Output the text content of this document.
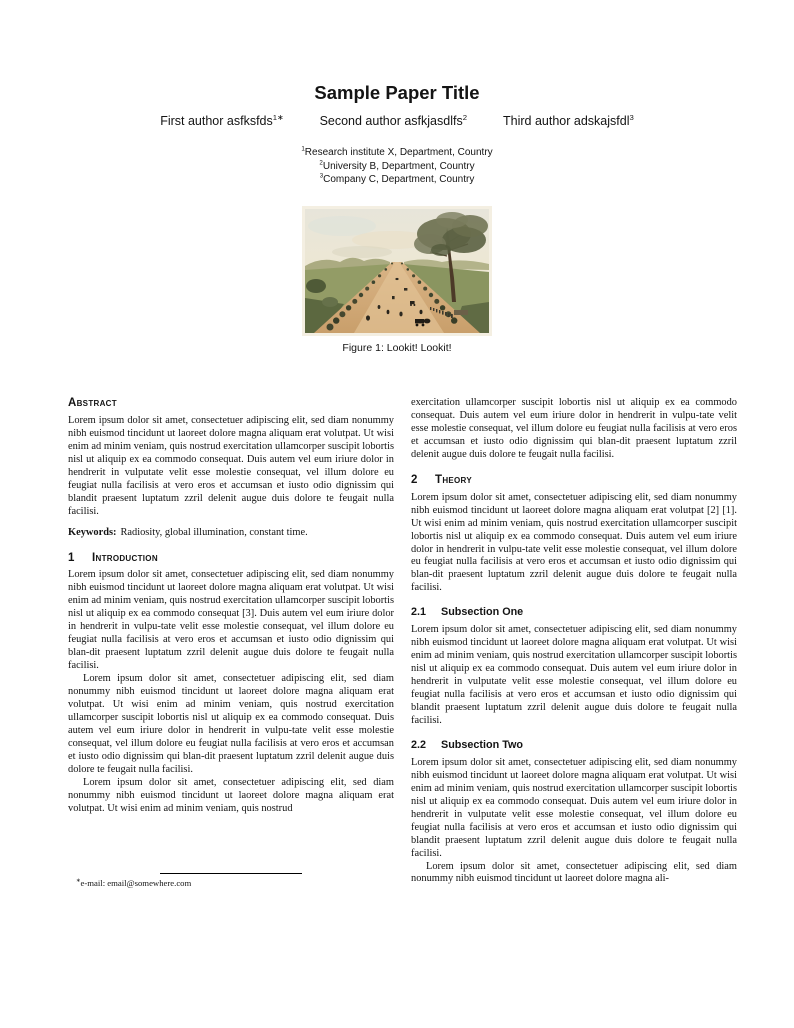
Sample Paper Title
First author asfksfds$^{1∗}$	Second author asfkjasdlfs$^2$	Third author adskajsfdl$^3$
$^1$Research institute X, Department, Country
$^2$University B, Department, Country
$^3$Company C, Department, Country
Figure 1: Lookit! Lookit!
Abstract

Lorem ipsum dolor sit amet, consectetuer adipiscing elit, sed diam nonummy nibh euismod tincidunt ut laoreet dolore magna aliquam erat volutpat. Ut wisi enim ad minim veniam, quis nostrud exercitation ullamcorper suscipit lobortis nisl ut aliquip ex ea commodo consequat. Duis autem vel eum iriure dolor in hendrerit in vulputate velit esse molestie consequat, vel illum dolore eu feugiat nulla facilisis at vero eros et accumsan et iusto odio dignissim qui blandit praesent luptatum zzril delenit augue duis dolore te feugait nulla facilisi.

Keywords: Radiosity, global illumination, constant time.

1	Introduction

Lorem ipsum dolor sit amet, consectetuer adipiscing elit, sed diam nonummy nibh euismod tincidunt ut laoreet dolore magna aliquam erat volutpat. Ut wisi enim ad minim veniam, quis nostrud exercitation ullamcorper suscipit lobortis nisl ut aliquip ex ea commodo consequat [3]. Duis autem vel eum iriure dolor in hendrerit in vulpu-tate velit esse molestie consequat, vel illum dolore eu feugiat nulla facilisis at vero eros et accumsan et iusto odio dignissim qui blan-dit praesent luptatum zzril delenit augue duis dolore te feugait nulla facilisi.

Lorem ipsum dolor sit amet, consectetuer adipiscing elit, sed diam nonummy nibh euismod tincidunt ut laoreet dolore magna aliquam erat volutpat. Ut wisi enim ad minim veniam, quis nostrud exercitation ullamcorper suscipit lobortis nisl ut aliquip ex ea commodo consequat. Duis autem vel eum iriure dolor in hendrerit in vulpu-tate velit esse molestie consequat, vel illum dolore eu feugiat nulla facilisis at vero eros et accumsan et iusto odio dignissim qui blan-dit praesent luptatum zzril delenit augue duis dolore te feugait nulla facilisi.

Lorem ipsum dolor sit amet, consectetuer adipiscing elit, sed diam nonummy nibh euismod tincidunt ut laoreet dolore magna aliquam erat volutpat. Ut wisi enim ad minim veniam, quis nostrud

∗e-mail: email@somewhere.com

exercitation ullamcorper suscipit lobortis nisl ut aliquip ex ea commodo consequat. Duis autem vel eum iriure dolor in hendrerit in vulpu-tate velit esse molestie consequat, vel illum dolore eu feugiat nulla facilisis at vero eros et accumsan et iusto odio dignissim qui blan-dit praesent luptatum zzril delenit augue duis dolore te feugait nulla facilisi.

2	Theory

Lorem ipsum dolor sit amet, consectetuer adipiscing elit, sed diam nonummy nibh euismod tincidunt ut laoreet dolore magna aliquam erat volutpat [2] [1]. Ut wisi enim ad minim veniam, quis nostrud exercitation ullamcorper suscipit lobortis nisl ut aliquip ex ea commodo consequat. Duis autem vel eum iriure dolor in hendrerit in vulpu-tate velit esse molestie consequat, vel illum dolore eu feugiat nulla facilisis at vero eros et accumsan et iusto odio dignissim qui blan-dit praesent luptatum zzril delenit augue duis dolore te feugait nulla facilisi.

2.1	Subsection One

Lorem ipsum dolor sit amet, consectetuer adipiscing elit, sed diam nonummy nibh euismod tincidunt ut laoreet dolore magna aliquam erat volutpat. Ut wisi enim ad minim veniam, quis nostrud exercitation ullamcorper suscipit lobortis nisl ut aliquip ex ea commodo consequat. Duis autem vel eum iriure dolor in hendrerit in vulputate velit esse molestie consequat, vel illum dolore eu feugiat nulla facilisis at vero eros et accumsan et iusto odio dignissim qui blandit praesent luptatum zzril delenit augue duis dolore te feugait nulla facilisi.

2.2	Subsection Two

Lorem ipsum dolor sit amet, consectetuer adipiscing elit, sed diam nonummy nibh euismod tincidunt ut laoreet dolore magna aliquam erat volutpat. Ut wisi enim ad minim veniam, quis nostrud exercitation ullamcorper suscipit lobortis nisl ut aliquip ex ea commodo consequat. Duis autem vel eum iriure dolor in hendrerit in vulputate velit esse molestie consequat, vel illum dolore eu feugiat nulla facilisis at vero eros et accumsan et iusto odio dignissim qui blandit praesent luptatum zzril delenit augue duis dolore te feugait nulla facilisi.

Lorem ipsum dolor sit amet, consectetuer adipiscing elit, sed diam nonummy nibh euismod tincidunt ut laoreet dolore magna ali-
